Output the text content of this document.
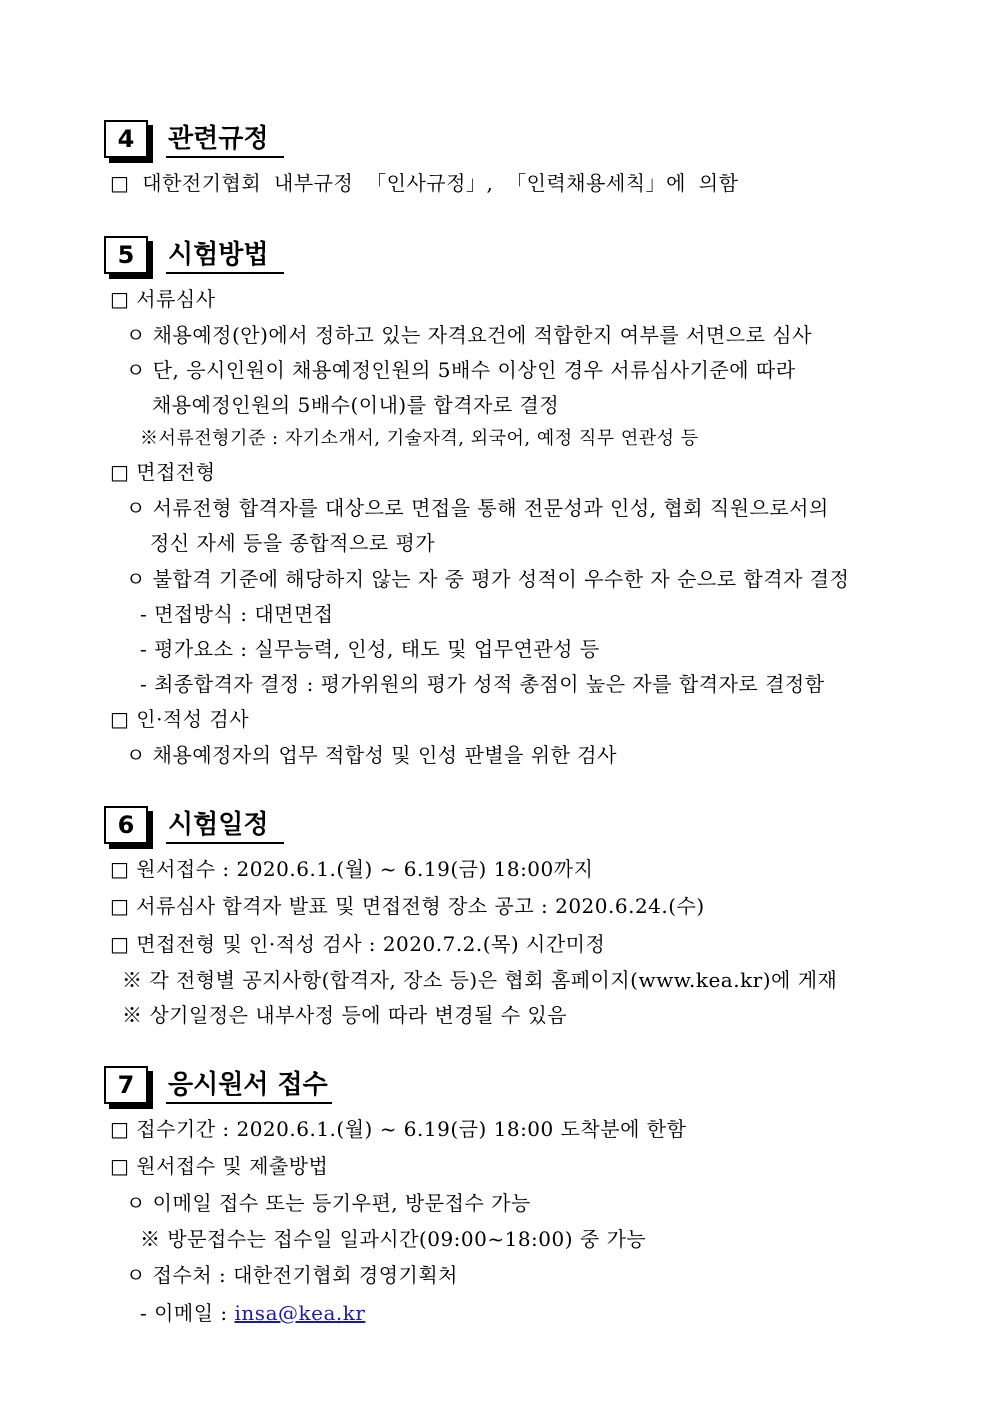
4	관련규정
□ 대한전기협회 내부규정 「인사규정」, 「인력채용세칙」에 의함
5	시험방법
□ 서류심사
ㅇ 채용예정(안)에서 정하고 있는 자격요건에 적합한지 여부를 서면으로 심사
ㅇ 단, 응시인원이 채용예정인원의 5배수 이상인 경우 서류심사기준에 따라
채용예정인원의 5배수(이내)를 합격자로 결정
※서류전형기준 : 자기소개서, 기술자격, 외국어, 예정 직무 연관성 등
□ 면접전형
ㅇ 서류전형 합격자를 대상으로 면접을 통해 전문성과 인성, 협회 직원으로서의
정신 자세 등을 종합적으로 평가
ㅇ 불합격 기준에 해당하지 않는 자 중 평가 성적이 우수한 자 순으로 합격자 결정
- 면접방식 : 대면면접
- 평가요소 : 실무능력, 인성, 태도 및 업무연관성 등
- 최종합격자 결정 : 평가위원의 평가 성적 총점이 높은 자를 합격자로 결정함
□ 인·적성 검사
ㅇ 채용예정자의 업무 적합성 및 인성 판별을 위한 검사
6	시험일정
□ 원서접수 : 2020.6.1.(월) ~ 6.19(금) 18:00까지
□ 서류심사 합격자 발표 및 면접전형 장소 공고 : 2020.6.24.(수)
□ 면접전형 및 인·적성 검사 : 2020.7.2.(목) 시간미정
※ 각 전형별 공지사항(합격자, 장소 등)은 협회 홈페이지(www.kea.kr)에 게재
※ 상기일정은 내부사정 등에 따라 변경될 수 있음
7	응시원서 접수
□ 접수기간 : 2020.6.1.(월) ~ 6.19(금) 18:00 도착분에 한함
□ 원서접수 및 제출방법
ㅇ 이메일 접수 또는 등기우편, 방문접수 가능
※ 방문접수는 접수일 일과시간(09:00~18:00) 중 가능
ㅇ 접수처 : 대한전기협회 경영기획처
- 이메일 : insa@kea.kr
